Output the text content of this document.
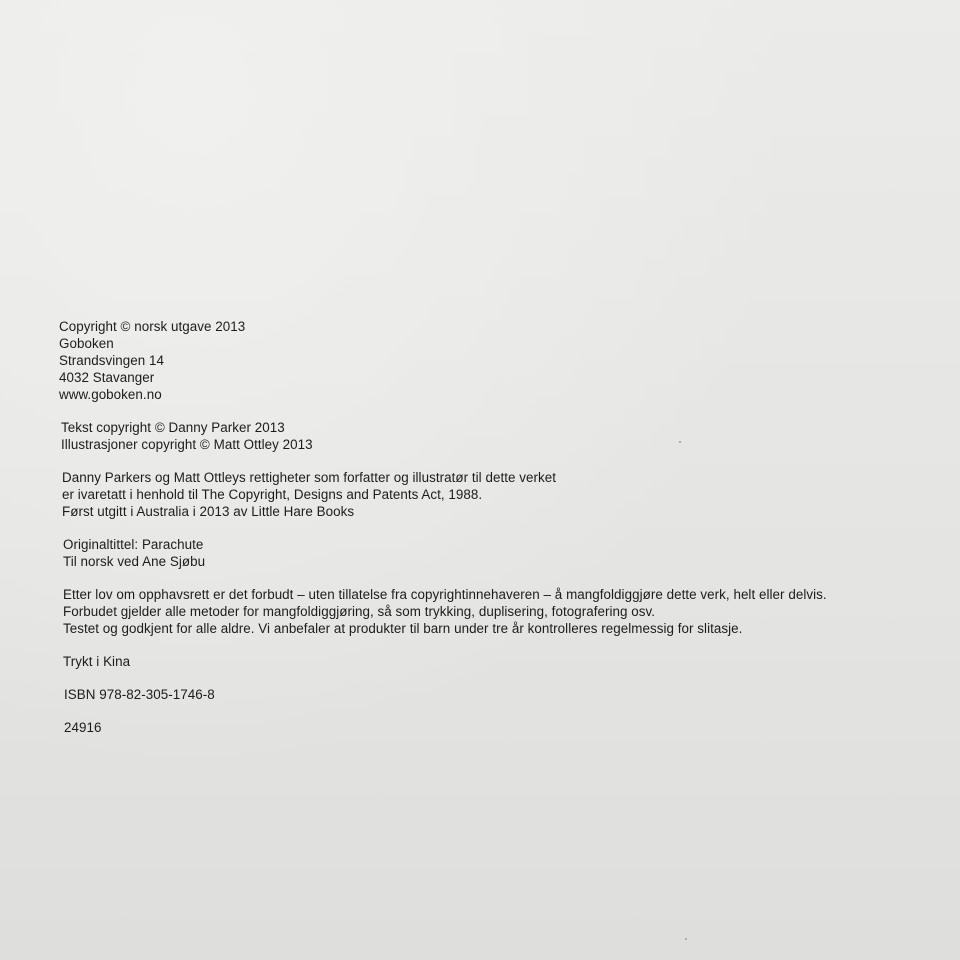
Copyright © norsk utgave 2013
Goboken
Strandsvingen 14
4032 Stavanger
www.goboken.no
Tekst copyright © Danny Parker 2013
Illustrasjoner copyright © Matt Ottley 2013
Danny Parkers og Matt Ottleys rettigheter som forfatter og illustratør til dette verket
er ivaretatt i henhold til The Copyright, Designs and Patents Act, 1988.
Først utgitt i Australia i 2013 av Little Hare Books
Originaltittel: Parachute
Til norsk ved Ane Sjøbu
Etter lov om opphavsrett er det forbudt – uten tillatelse fra copyrightinnehaveren – å mangfoldiggjøre dette verk, helt eller delvis.
Forbudet gjelder alle metoder for mangfoldiggjøring, så som trykking, duplisering, fotografering osv.
Testet og godkjent for alle aldre. Vi anbefaler at produkter til barn under tre år kontrolleres regelmessig for slitasje.
Trykt i Kina
ISBN 978-82-305-1746-8
24916
